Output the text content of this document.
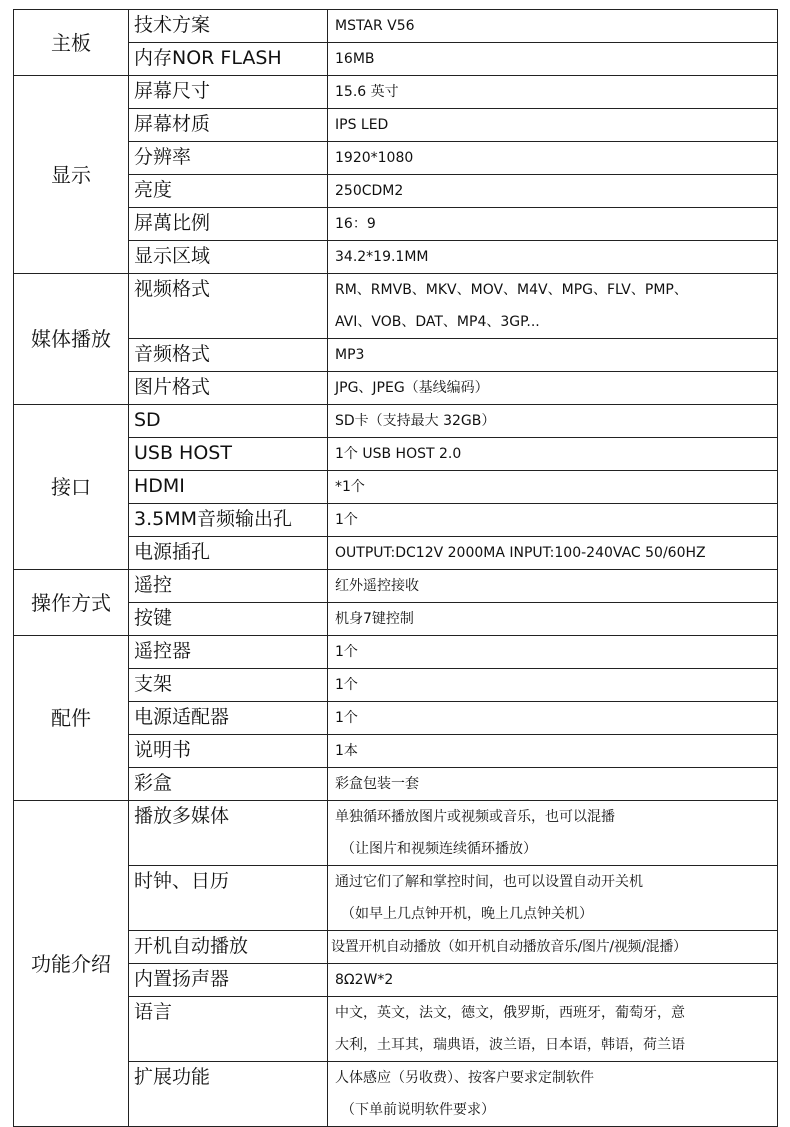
主板	技术方案	MSTAR V56

	内存NOR FLASH	16MB

显示	屏幕尺寸	15.6 英寸

	屏幕材质	IPS LED

	分辨率	1920*1080

	亮度	250CDM2

	屏萬比例	16：9

	显示区域	34.2*19.1MM

媒体播放	视频格式	RM、RMVB、MKV、MOV、M4V、MPG、FLV、PMP、
AVI、VOB、DAT、MP4、3GP...

	音频格式	MP3

	图片格式	JPG、JPEG（基线编码）

接口	SD	SD卡（支持最大 32GB）

	USB HOST	1个 USB HOST 2.0

	HDMI	*1个

	3.5MM音频输出孔	1个

	电源插孔	OUTPUT:DC12V 2000MA INPUT:100-240VAC 50/60HZ

操作方式	遥控	红外遥控接收

	按键	机身7键控制

配件	遥控器	1个

	支架	1个

	电源适配器	1个

	说明书	1本

	彩盒	彩盒包装一套

功能介绍	播放多媒体	单独循环播放图片或视频或音乐，也可以混播
（让图片和视频连续循环播放）

	时钟、日历	通过它们了解和掌控时间，也可以设置自动开关机
（如早上几点钟开机，晚上几点钟关机）

	开机自动播放	设置开机自动播放（如开机自动播放音乐/图片/视频/混播）

	内置扬声器	8Ω2W*2

	语言	中文，英文，法文，德文，俄罗斯，西班牙，葡萄牙，意
大利，土耳其，瑞典语，波兰语，日本语，韩语，荷兰语

	扩展功能	人体感应（另收费）、按客户要求定制软件
（下单前说明软件要求）
